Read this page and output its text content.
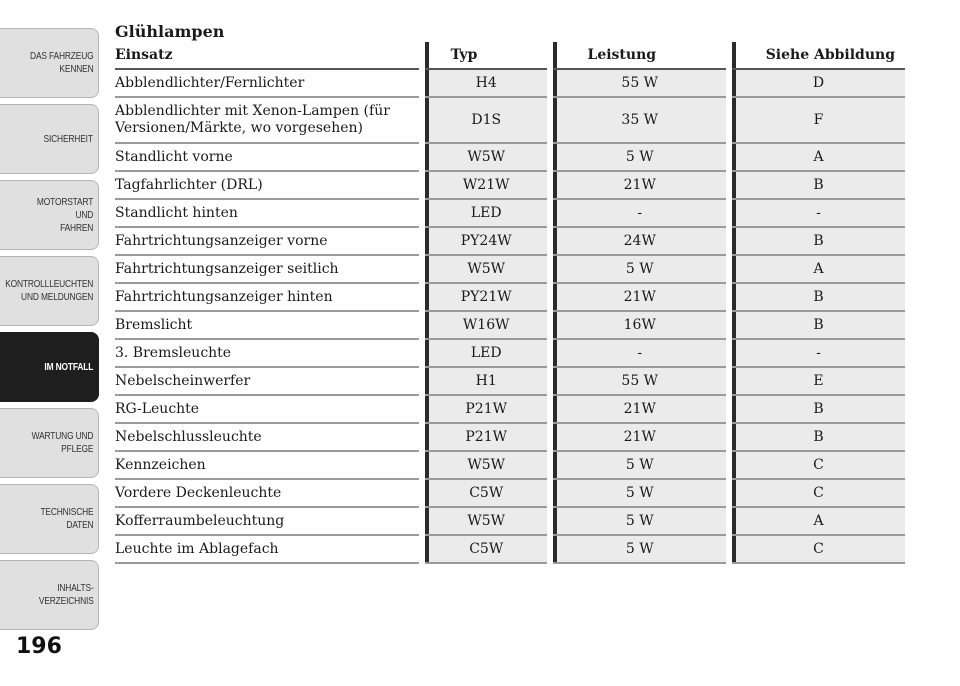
DAS FAHRZEUG
KENNEN
SICHERHEIT
MOTORSTART UND
FAHREN
KONTROLLLEUCHTEN
UND MELDUNGEN
IM NOTFALL
WARTUNG UND
PFLEGE
TECHNISCHE
DATEN
INHALTS-
VERZEICHNIS
196
Glühlampen
Einsatz	Typ	Leistung	Siehe Abbildung
Abblendlichter/Fernlichter	H4	55 W	D
Abblendlichter mit Xenon-Lampen (für Versionen/Märkte, wo vorgesehen)	D1S	35 W	F
Standlicht vorne	W5W	5 W	A
Tagfahrlichter (DRL)	W21W	21W	B
Standlicht hinten	LED	-	-
Fahrtrichtungsanzeiger vorne	PY24W	24W	B
Fahrtrichtungsanzeiger seitlich	W5W	5 W	A
Fahrtrichtungsanzeiger hinten	PY21W	21W	B
Bremslicht	W16W	16W	B
3. Bremsleuchte	LED	-	-
Nebelscheinwerfer	H1	55 W	E
RG-Leuchte	P21W	21W	B
Nebelschlussleuchte	P21W	21W	B
Kennzeichen	W5W	5 W	C
Vordere Deckenleuchte	C5W	5 W	C
Kofferraumbeleuchtung	W5W	5 W	A
Leuchte im Ablagefach	C5W	5 W	C
